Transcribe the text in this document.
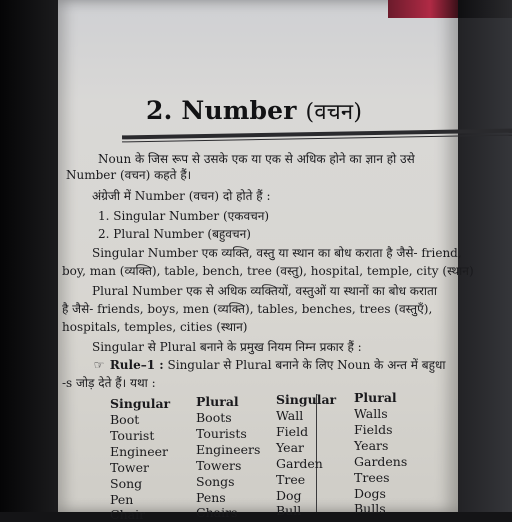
2. Number (वचन)
Noun के जिस रूप से उसके एक या एक से अधिक होने का ज्ञान हो उसे
Number (वचन) कहते हैं।
अंग्रेजी में Number (वचन) दो होते हैं :
1. Singular Number (एकवचन)
2. Plural Number (बहुवचन)
Singular Number एक व्यक्ति, वस्तु या स्थान का बोध कराता है जैसे- friend,
boy, man (व्यक्ति), table, bench, tree (वस्तु), hospital, temple, city (स्थान)
Plural Number एक से अधिक व्यक्तियों, वस्तुओं या स्थानों का बोध कराता
है जैसे- friends, boys, men (व्यक्ति), tables, benches, trees (वस्तुएँ),
hospitals, temples, cities (स्थान)
Singular से Plural बनाने के प्रमुख नियम निम्न प्रकार हैं :
☞ Rule–1 : Singular से Plural बनाने के लिए Noun के अन्त में बहुधा
-s जोड़ देते हैं। यथा :
Singular Plural
Boot	Boots
Tourist	Tourists
Engineer Engineers
Tower	Towers
Song	Songs
Pen	Pens
Chair	Chairs
Singular Plural
Wall	Walls
Field	Fields
Year	Years
Garden Gardens
Tree	Trees
Dog	Dogs
Bull	Bulls
